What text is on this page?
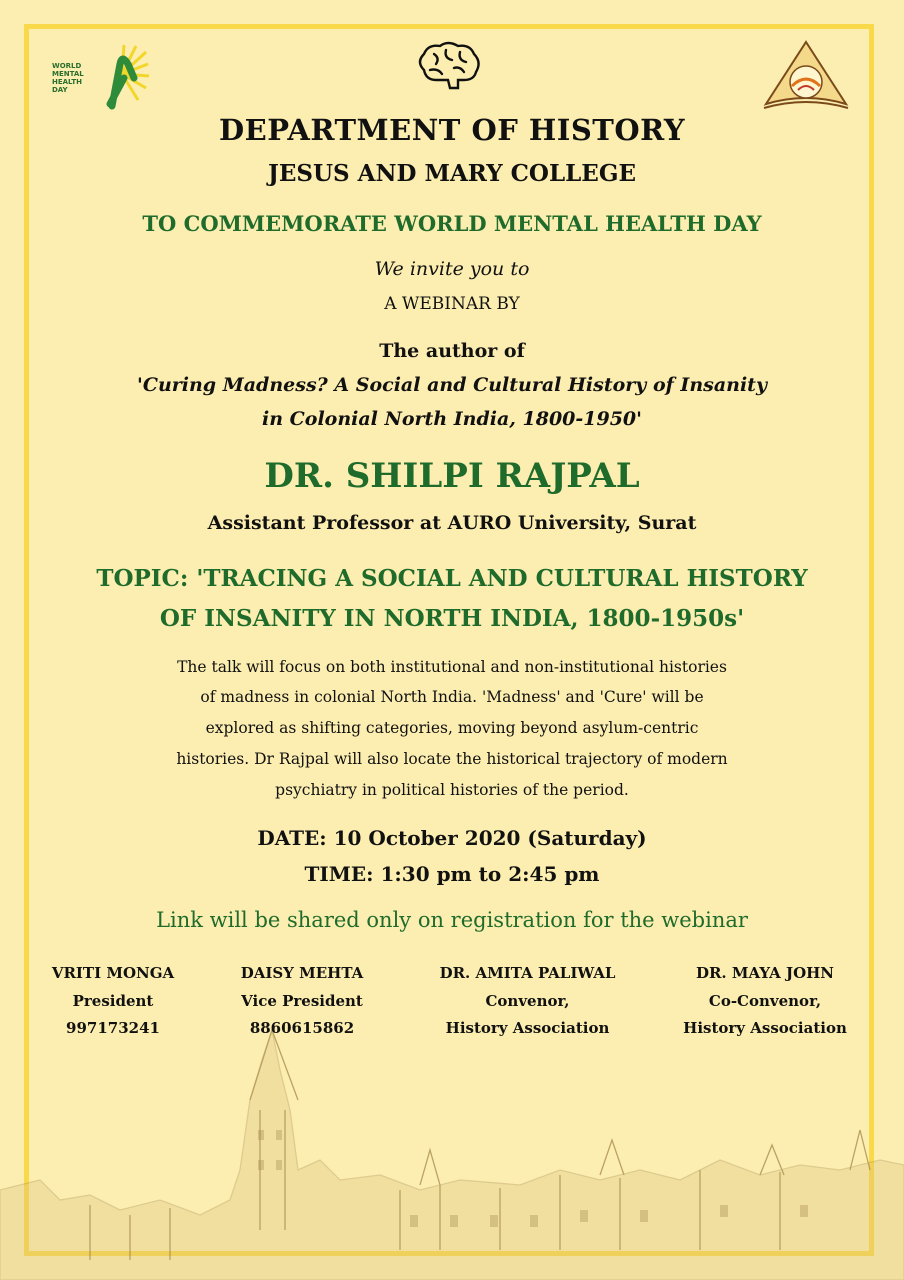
WORLD
MENTAL
HEALTH
DAY
DEPARTMENT OF HISTORY
JESUS AND MARY COLLEGE
TO COMMEMORATE WORLD MENTAL HEALTH DAY
We invite you to
A WEBINAR BY
The author of
'Curing Madness? A Social and Cultural History of Insanity
in Colonial North India, 1800-1950'
DR. SHILPI RAJPAL
Assistant Professor at AURO University, Surat
TOPIC: 'TRACING A SOCIAL AND CULTURAL HISTORY
OF INSANITY IN NORTH INDIA, 1800-1950s'
The talk will focus on both institutional and non-institutional histories
of madness in colonial North India. 'Madness' and 'Cure' will be
explored as shifting categories, moving beyond asylum-centric
histories. Dr Rajpal will also locate the historical trajectory of modern
psychiatry in political histories of the period.
DATE: 10 October 2020 (Saturday)
TIME: 1:30 pm to 2:45 pm
Link will be shared only on registration for the webinar
VRITI MONGA
President
997173241
DAISY MEHTA
Vice President
8860615862
DR. AMITA PALIWAL
Convenor,
History Association
DR. MAYA JOHN
Co-Convenor,
History Association
